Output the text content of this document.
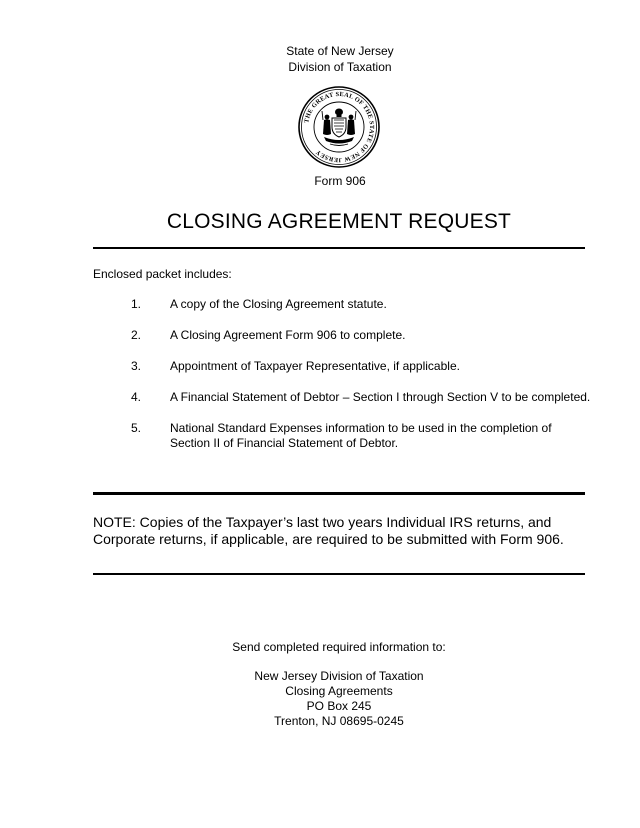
State of New Jersey
Division of Taxation
THE GREAT SEAL OF THE STATE OF NEW JERSEY
Form 906
CLOSING AGREEMENT REQUEST
Enclosed packet includes:
1.	A copy of the Closing Agreement statute.
2.	A Closing Agreement Form 906 to complete.
3.	Appointment of Taxpayer Representative, if applicable.
4.	A Financial Statement of Debtor – Section I through Section V to be completed.
5.	National Standard Expenses information to be used in the completion of Section II of Financial Statement of Debtor.
NOTE: Copies of the Taxpayer’s last two years Individual IRS returns, and Corporate returns, if applicable, are required to be submitted with Form 906.
Send completed required information to:
New Jersey Division of Taxation
Closing Agreements
PO Box 245
Trenton, NJ 08695-0245
